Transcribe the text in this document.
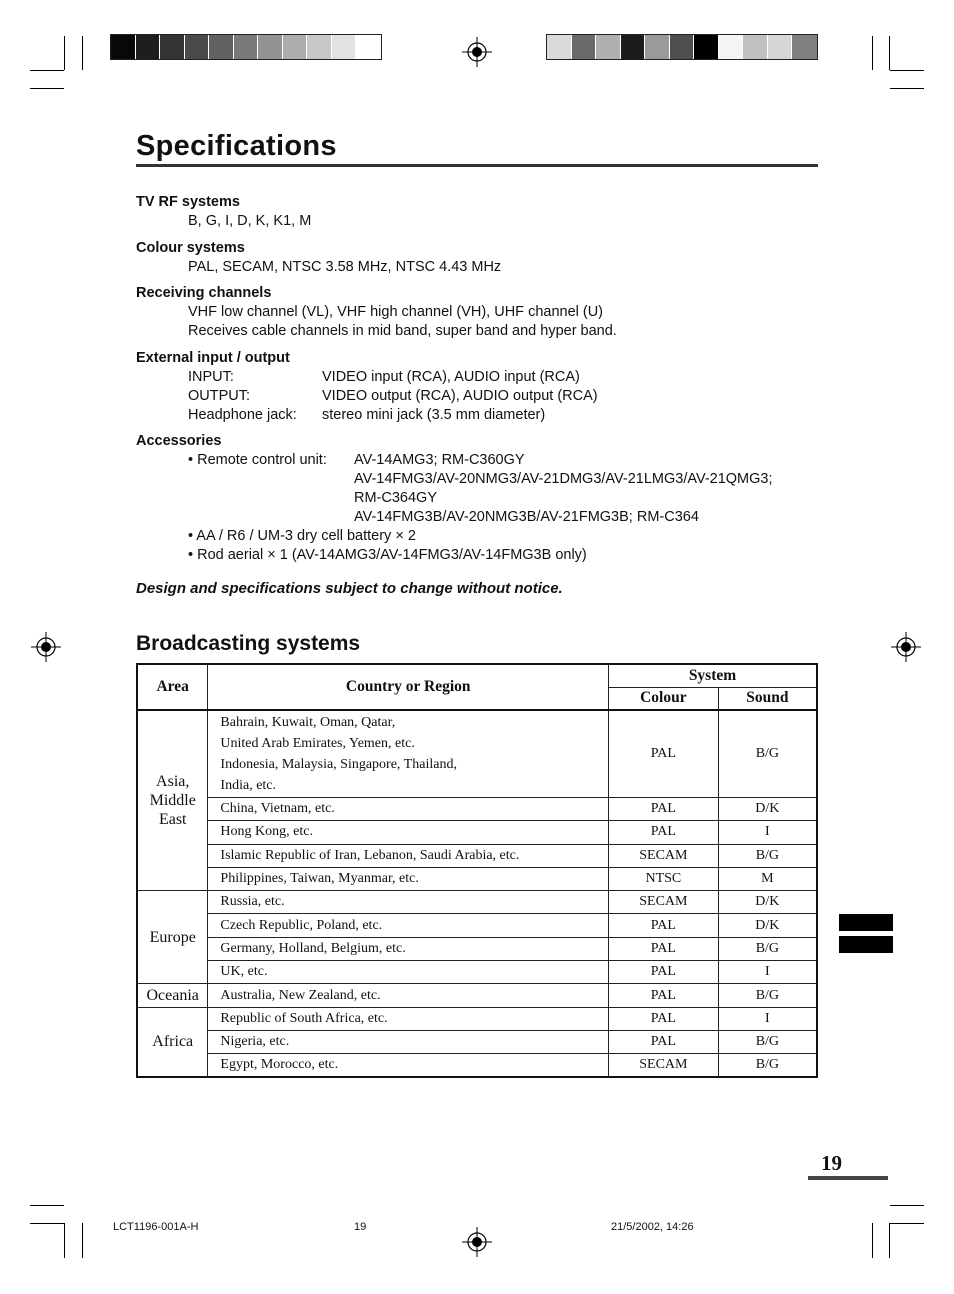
Specifications
TV RF systems
B, G, I, D, K, K1, M
Colour systems
PAL, SECAM, NTSC 3.58 MHz, NTSC 4.43 MHz
Receiving channels
VHF low channel (VL), VHF high channel (VH), UHF channel (U)
Receives cable channels in mid band, super band and hyper band.
External input / output
INPUT:	VIDEO input (RCA), AUDIO input (RCA)
OUTPUT:	VIDEO output (RCA), AUDIO output (RCA)
Headphone jack:	stereo mini jack (3.5 mm diameter)
Accessories
• Remote control unit:	AV-14AMG3; RM-C360GY
AV-14FMG3/AV-20NMG3/AV-21DMG3/AV-21LMG3/AV-21QMG3;
RM-C364GY
AV-14FMG3B/AV-20NMG3B/AV-21FMG3B; RM-C364
• AA / R6 / UM-3 dry cell battery × 2
• Rod aerial × 1 (AV-14AMG3/AV-14FMG3/AV-14FMG3B only)
Design and specifications subject to change without notice.
Broadcasting systems
Area	Country or Region	System	
		Colour	Sound
Asia,
Middle
East	Bahrain, Kuwait, Oman, Qatar,
United Arab Emirates, Yemen, etc.
Indonesia, Malaysia, Singapore, Thailand,
India, etc.	PAL	B/G
	China, Vietnam, etc.	PAL	D/K
	Hong Kong, etc.	PAL	I
	Islamic Republic of Iran, Lebanon, Saudi Arabia, etc.	SECAM	B/G
	Philippines, Taiwan, Myanmar, etc.	NTSC	M
Europe	Russia, etc.	SECAM	D/K
	Czech Republic, Poland, etc.	PAL	D/K
	Germany, Holland, Belgium, etc.	PAL	B/G
	UK, etc.	PAL	I
Oceania	Australia, New Zealand, etc.	PAL	B/G
Africa	Republic of South Africa, etc.	PAL	I
	Nigeria, etc.	PAL	B/G
	Egypt, Morocco, etc.	SECAM	B/G
19
LCT1196-001A-H	19	21/5/2002, 14:26
